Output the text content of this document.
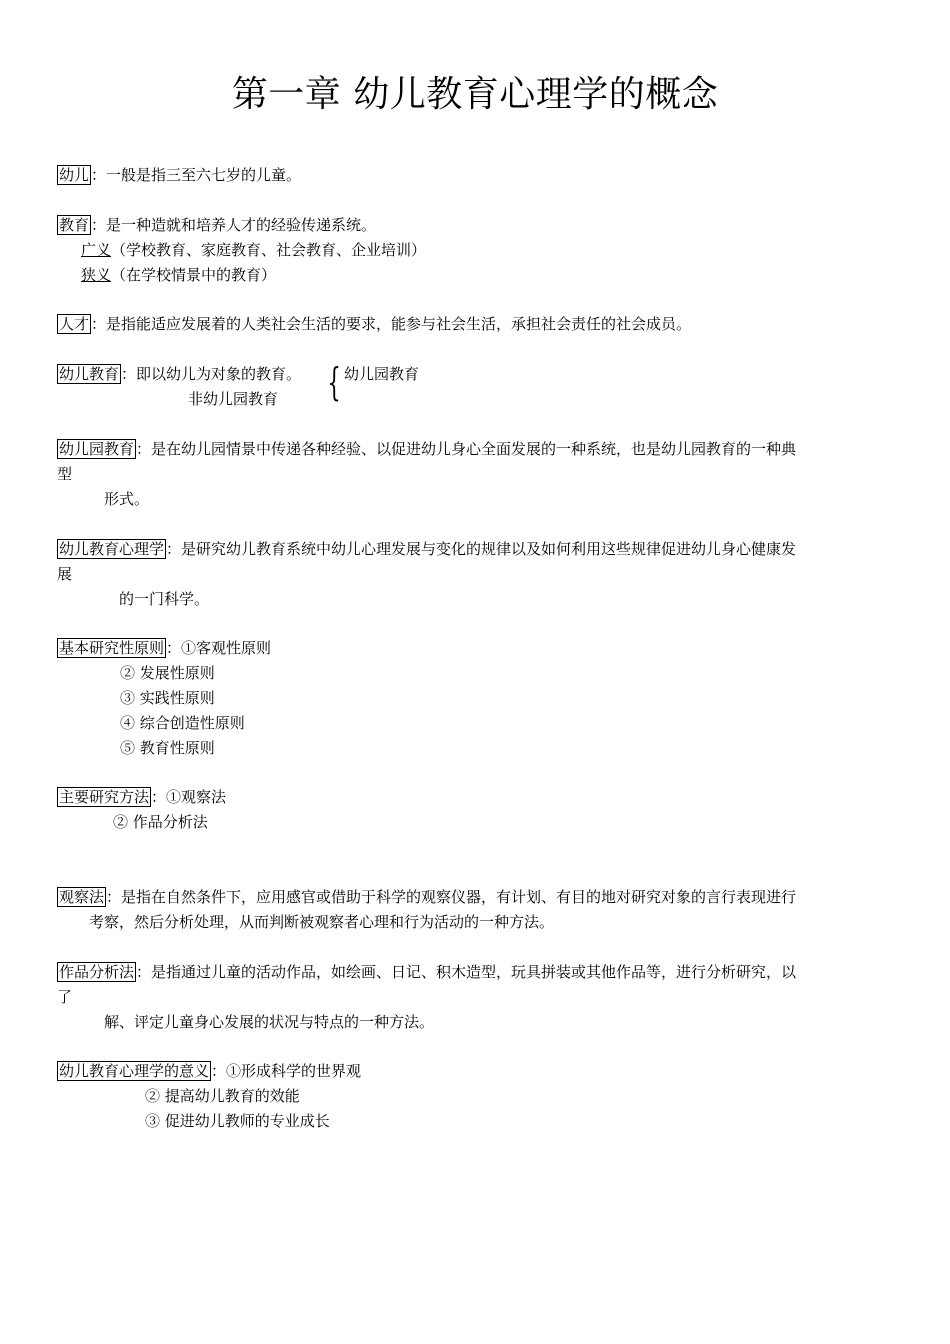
第一章 幼儿教育心理学的概念
幼儿 ：一般是指三至六七岁的儿童。
教育 ：是一种造就和培养人才的经验传递系统。
广义（学校教育、家庭教育、社会教育、企业培训）
狭义（在学校情景中的教育）
人才 ：是指能适应发展着的人类社会生活的要求，能参与社会生活，承担社会责任的社会成员。
幼儿教育 ：即以幼儿为对象的教育。 { 幼儿园教育
非幼儿园教育
幼儿园教育 ：是在幼儿园情景中传递各种经验、以促进幼儿身心全面发展的一种系统，也是幼儿园教育的一种典
型
形式。
幼儿教育心理学 ：是研究幼儿教育系统中幼儿心理发展与变化的规律以及如何利用这些规律促进幼儿身心健康发
展
的一门科学。
基本研究性原则 ：①客观性原则
② 发展性原则
③ 实践性原则
④ 综合创造性原则
⑤ 教育性原则
主要研究方法 ：①观察法
② 作品分析法
观察法 ：是指在自然条件下，应用感官或借助于科学的观察仪器，有计划、有目的地对研究对象的言行表现进行
考察，然后分析处理，从而判断被观察者心理和行为活动的一种方法。
作品分析法 ：是指通过儿童的活动作品，如绘画、日记、积木造型，玩具拼装或其他作品等，进行分析研究，以
了
解、评定儿童身心发展的状况与特点的一种方法。
幼儿教育心理学的意义 ：①形成科学的世界观
② 提高幼儿教育的效能
③ 促进幼儿教师的专业成长
